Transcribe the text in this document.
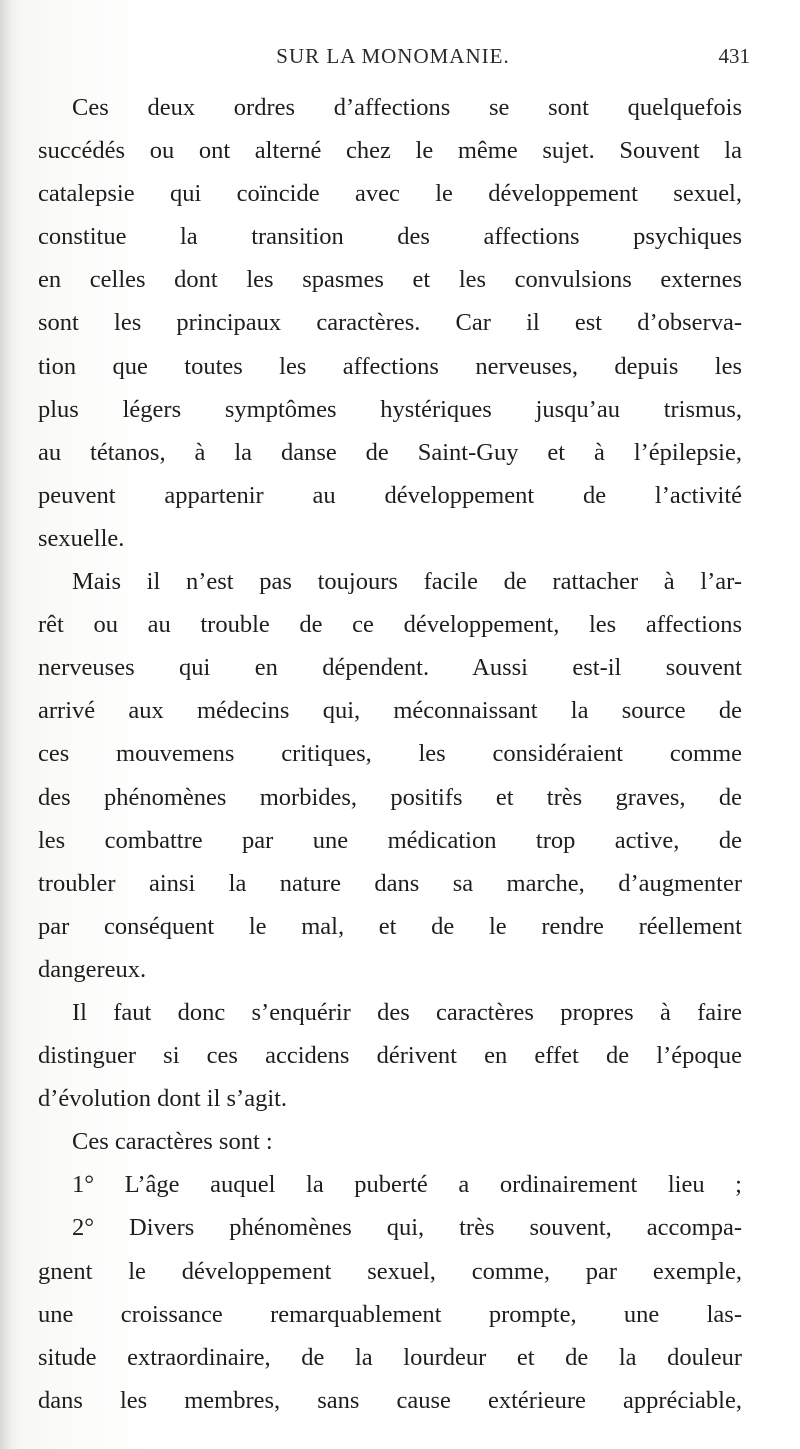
SUR LA MONOMANIE.	431
Ces deux ordres d’affections se sont quelquefois
succédés ou ont alterné chez le même sujet. Souvent la
catalepsie qui coïncide avec le développement sexuel,
constitue la transition des affections psychiques
en celles dont les spasmes et les convulsions externes
sont les principaux caractères. Car il est d’observa-
tion que toutes les affections nerveuses, depuis les
plus légers symptômes hystériques jusqu’au trismus,
au tétanos, à la danse de Saint-Guy et à l’épilepsie,
peuvent appartenir au développement de l’activité
sexuelle.
Mais il n’est pas toujours facile de rattacher à l’ar-
rêt ou au trouble de ce développement, les affections
nerveuses qui en dépendent. Aussi est-il souvent
arrivé aux médecins qui, méconnaissant la source de
ces mouvemens critiques, les considéraient comme
des phénomènes morbides, positifs et très graves, de
les combattre par une médication trop active, de
troubler ainsi la nature dans sa marche, d’augmenter
par conséquent le mal, et de le rendre réellement
dangereux.
Il faut donc s’enquérir des caractères propres à faire
distinguer si ces accidens dérivent en effet de l’époque
d’évolution dont il s’agit.
Ces caractères sont :
1° L’âge auquel la puberté a ordinairement lieu ;
2° Divers phénomènes qui, très souvent, accompa-
gnent le développement sexuel, comme, par exemple,
une croissance remarquablement prompte, une las-
situde extraordinaire, de la lourdeur et de la douleur
dans les membres, sans cause extérieure appréciable,
